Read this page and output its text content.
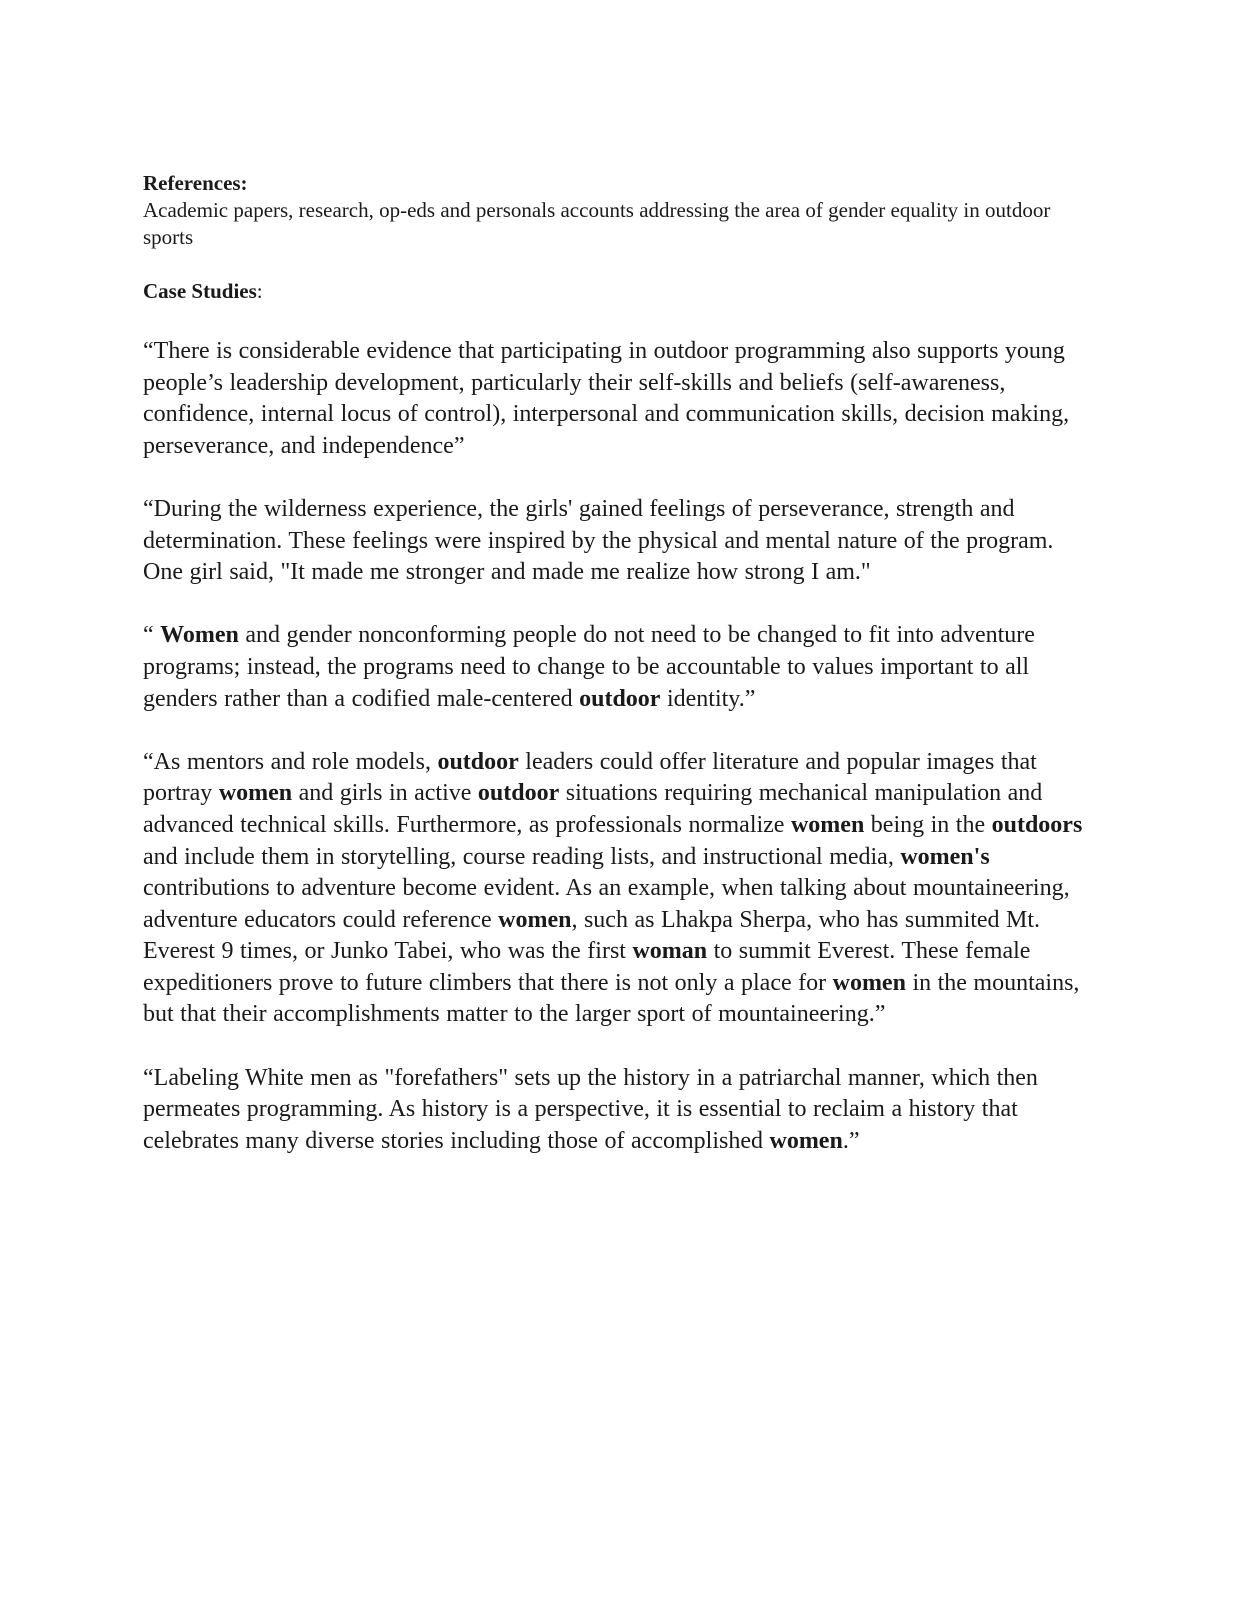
References:

Academic papers, research, op-eds and personals accounts addressing the area of gender equality in outdoor sports

Case Studies:

“There is considerable evidence that participating in outdoor programming also supports young people’s leadership development, particularly their self-skills and beliefs (self-awareness, confidence, internal locus of control), interpersonal and communication skills, decision making, perseverance, and independence”

“During the wilderness experience, the girls' gained feelings of perseverance, strength and determination. These feelings were inspired by the physical and mental nature of the program. One girl said, "It made me stronger and made me realize how strong I am."

“ Women and gender nonconforming people do not need to be changed to fit into adventure programs; instead, the programs need to change to be accountable to values important to all genders rather than a codified male-centered outdoor identity.”

“As mentors and role models, outdoor leaders could offer literature and popular images that portray women and girls in active outdoor situations requiring mechanical manipulation and advanced technical skills. Furthermore, as professionals normalize women being in the outdoors and include them in storytelling, course reading lists, and instructional media, women's contributions to adventure become evident. As an example, when talking about mountaineering, adventure educators could reference women, such as Lhakpa Sherpa, who has summited Mt. Everest 9 times, or Junko Tabei, who was the first woman to summit Everest. These female expeditioners prove to future climbers that there is not only a place for women in the mountains, but that their accomplishments matter to the larger sport of mountaineering.”

“Labeling White men as "forefathers" sets up the history in a patriarchal manner, which then permeates programming. As history is a perspective, it is essential to reclaim a history that celebrates many diverse stories including those of accomplished women.”
